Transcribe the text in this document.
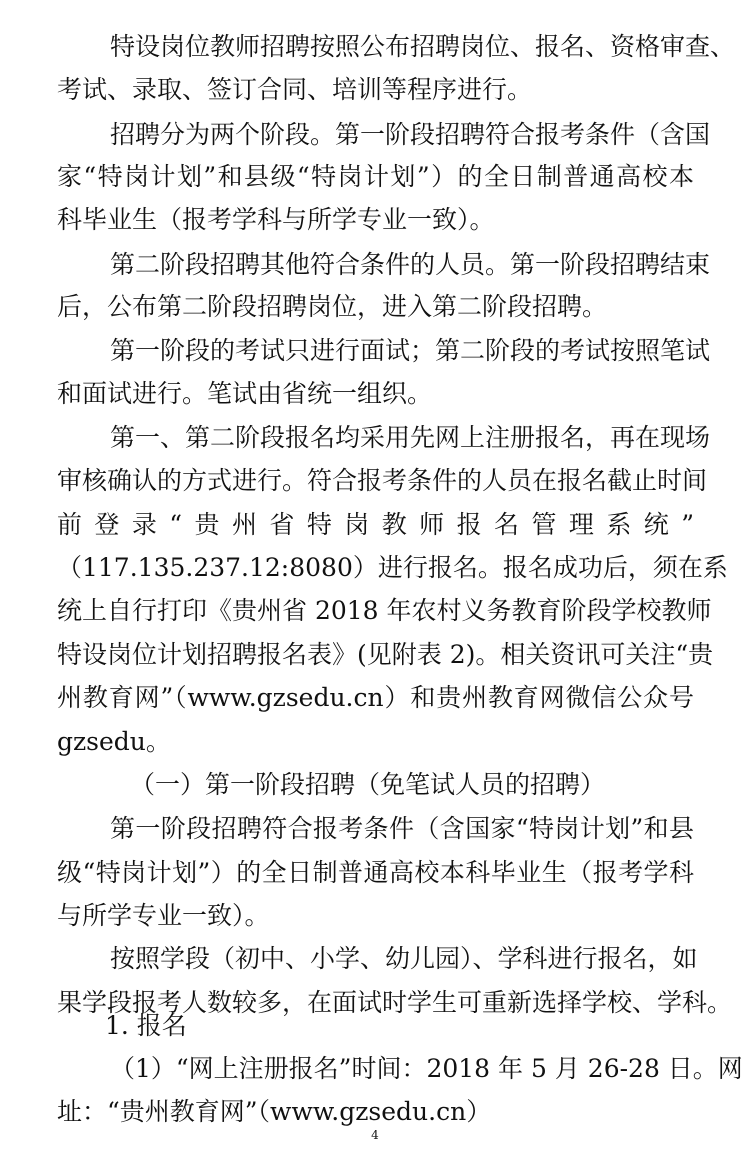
特设岗位教师招聘按照公布招聘岗位、报名、资格审查、
考试、录取、签订合同、培训等程序进行。
招聘分为两个阶段。第一阶段招聘符合报考条件（含国
家“特岗计划”和县级“特岗计划”）的全日制普通高校本
科毕业生（报考学科与所学专业一致）。
第二阶段招聘其他符合条件的人员。第一阶段招聘结束
后，公布第二阶段招聘岗位，进入第二阶段招聘。
第一阶段的考试只进行面试；第二阶段的考试按照笔试
和面试进行。笔试由省统一组织。
第一、第二阶段报名均采用先网上注册报名，再在现场
审核确认的方式进行。符合报考条件的人员在报名截止时间
前登录“贵州省特岗教师报名管理系统”
（117.135.237.12:8080）进行报名。报名成功后，须在系
统上自行打印《贵州省 2018 年农村义务教育阶段学校教师
特设岗位计划招聘报名表》(见附表 2)。相关资讯可关注“贵
州教育网”（www.gzsedu.cn）和贵州教育网微信公众号
gzsedu。
（一）第一阶段招聘（免笔试人员的招聘）
第一阶段招聘符合报考条件（含国家“特岗计划”和县
级“特岗计划”）的全日制普通高校本科毕业生（报考学科
与所学专业一致）。
按照学段（初中、小学、幼儿园）、学科进行报名，如
果学段报考人数较多，在面试时学生可重新选择学校、学科。
1. 报名
（1）“网上注册报名”时间：2018 年 5 月 26-28 日。网
4
址：“贵州教育网”（www.gzsedu.cn）
